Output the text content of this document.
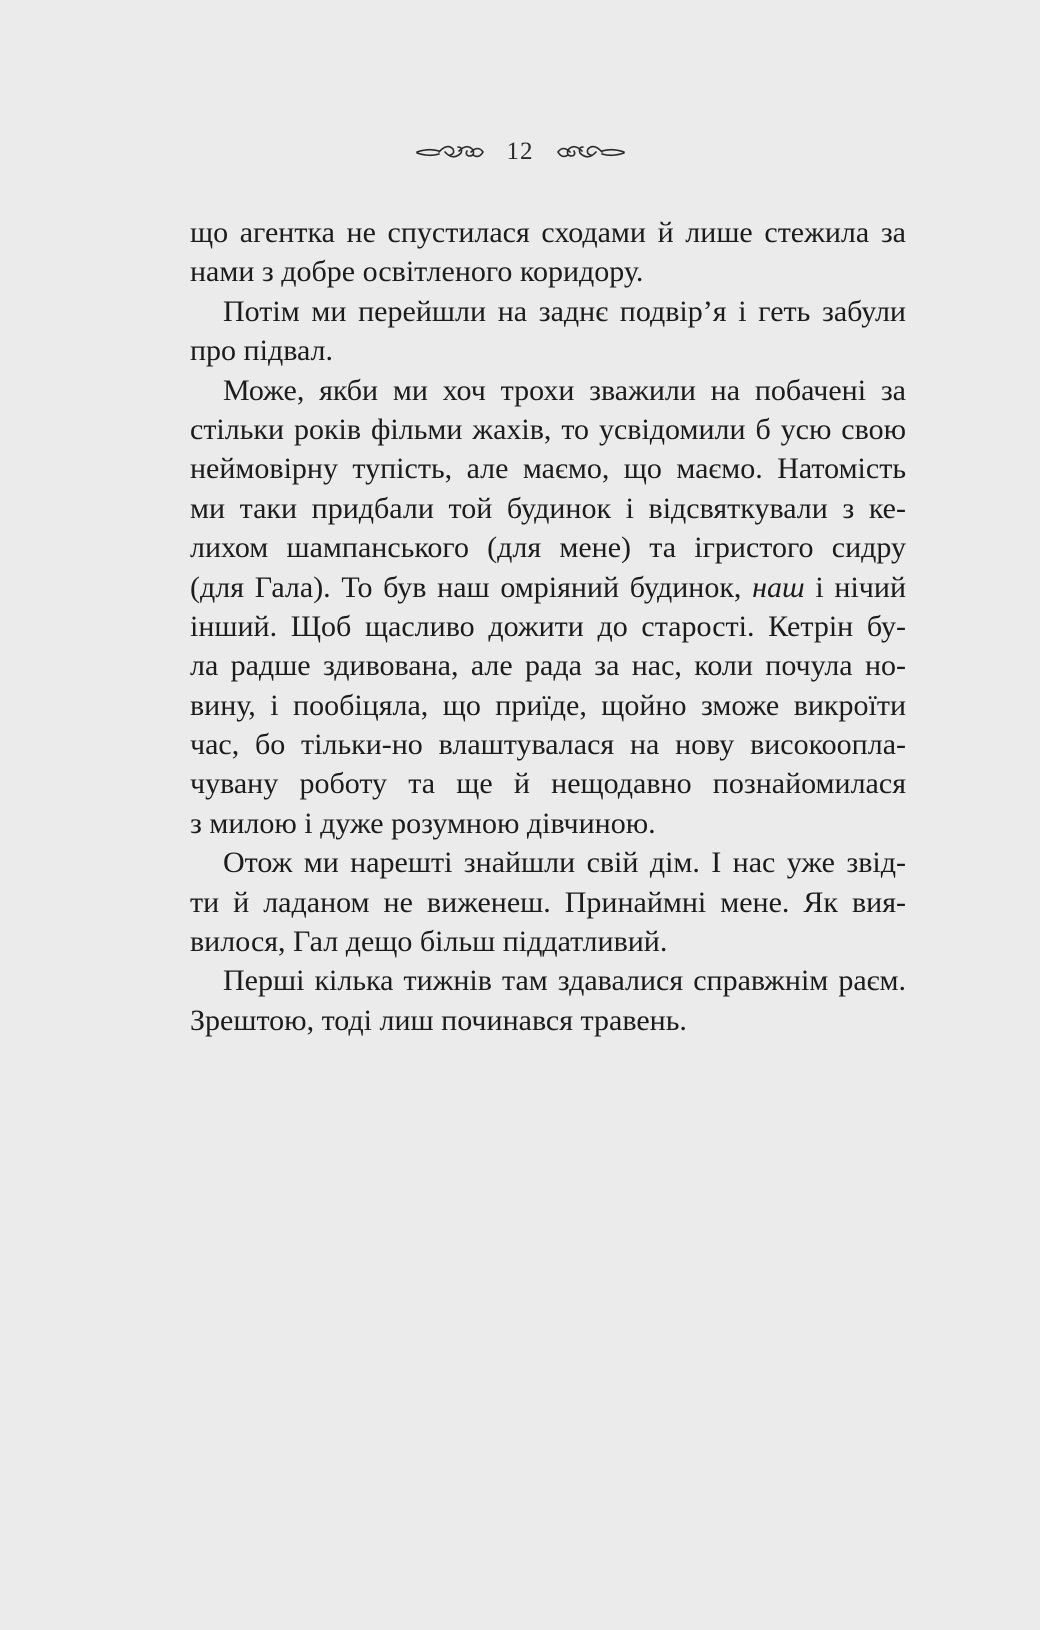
12
що агентка не спустилася сходами й лише стежила за
нами з добре освітленого коридору.
Потім ми перейшли на заднє подвір’я і геть забули
про підвал.
Може, якби ми хоч трохи зважили на побачені за
стільки років фільми жахів, то усвідомили б усю свою
неймовірну тупість, але маємо, що маємо. Натомість
ми таки придбали той будинок і відсвяткували з ке-
лихом шампанського (для мене) та ігристого сидру
(для Гала). То був наш омріяний будинок, наш і нічий
інший. Щоб щасливо дожити до старості. Кетрін бу-
ла радше здивована, але рада за нас, коли почула но-
вину, і пообіцяла, що приїде, щойно зможе викроїти
час, бо тільки-но влаштувалася на нову високоопла-
чувану роботу та ще й нещодавно познайомилася
з милою і дуже розумною дівчиною.
Отож ми нарешті знайшли свій дім. І нас уже звід-
ти й ладаном не виженеш. Принаймні мене. Як вия-
вилося, Гал дещо більш піддатливий.
Перші кілька тижнів там здавалися справжнім раєм.
Зрештою, тоді лиш починався травень.
